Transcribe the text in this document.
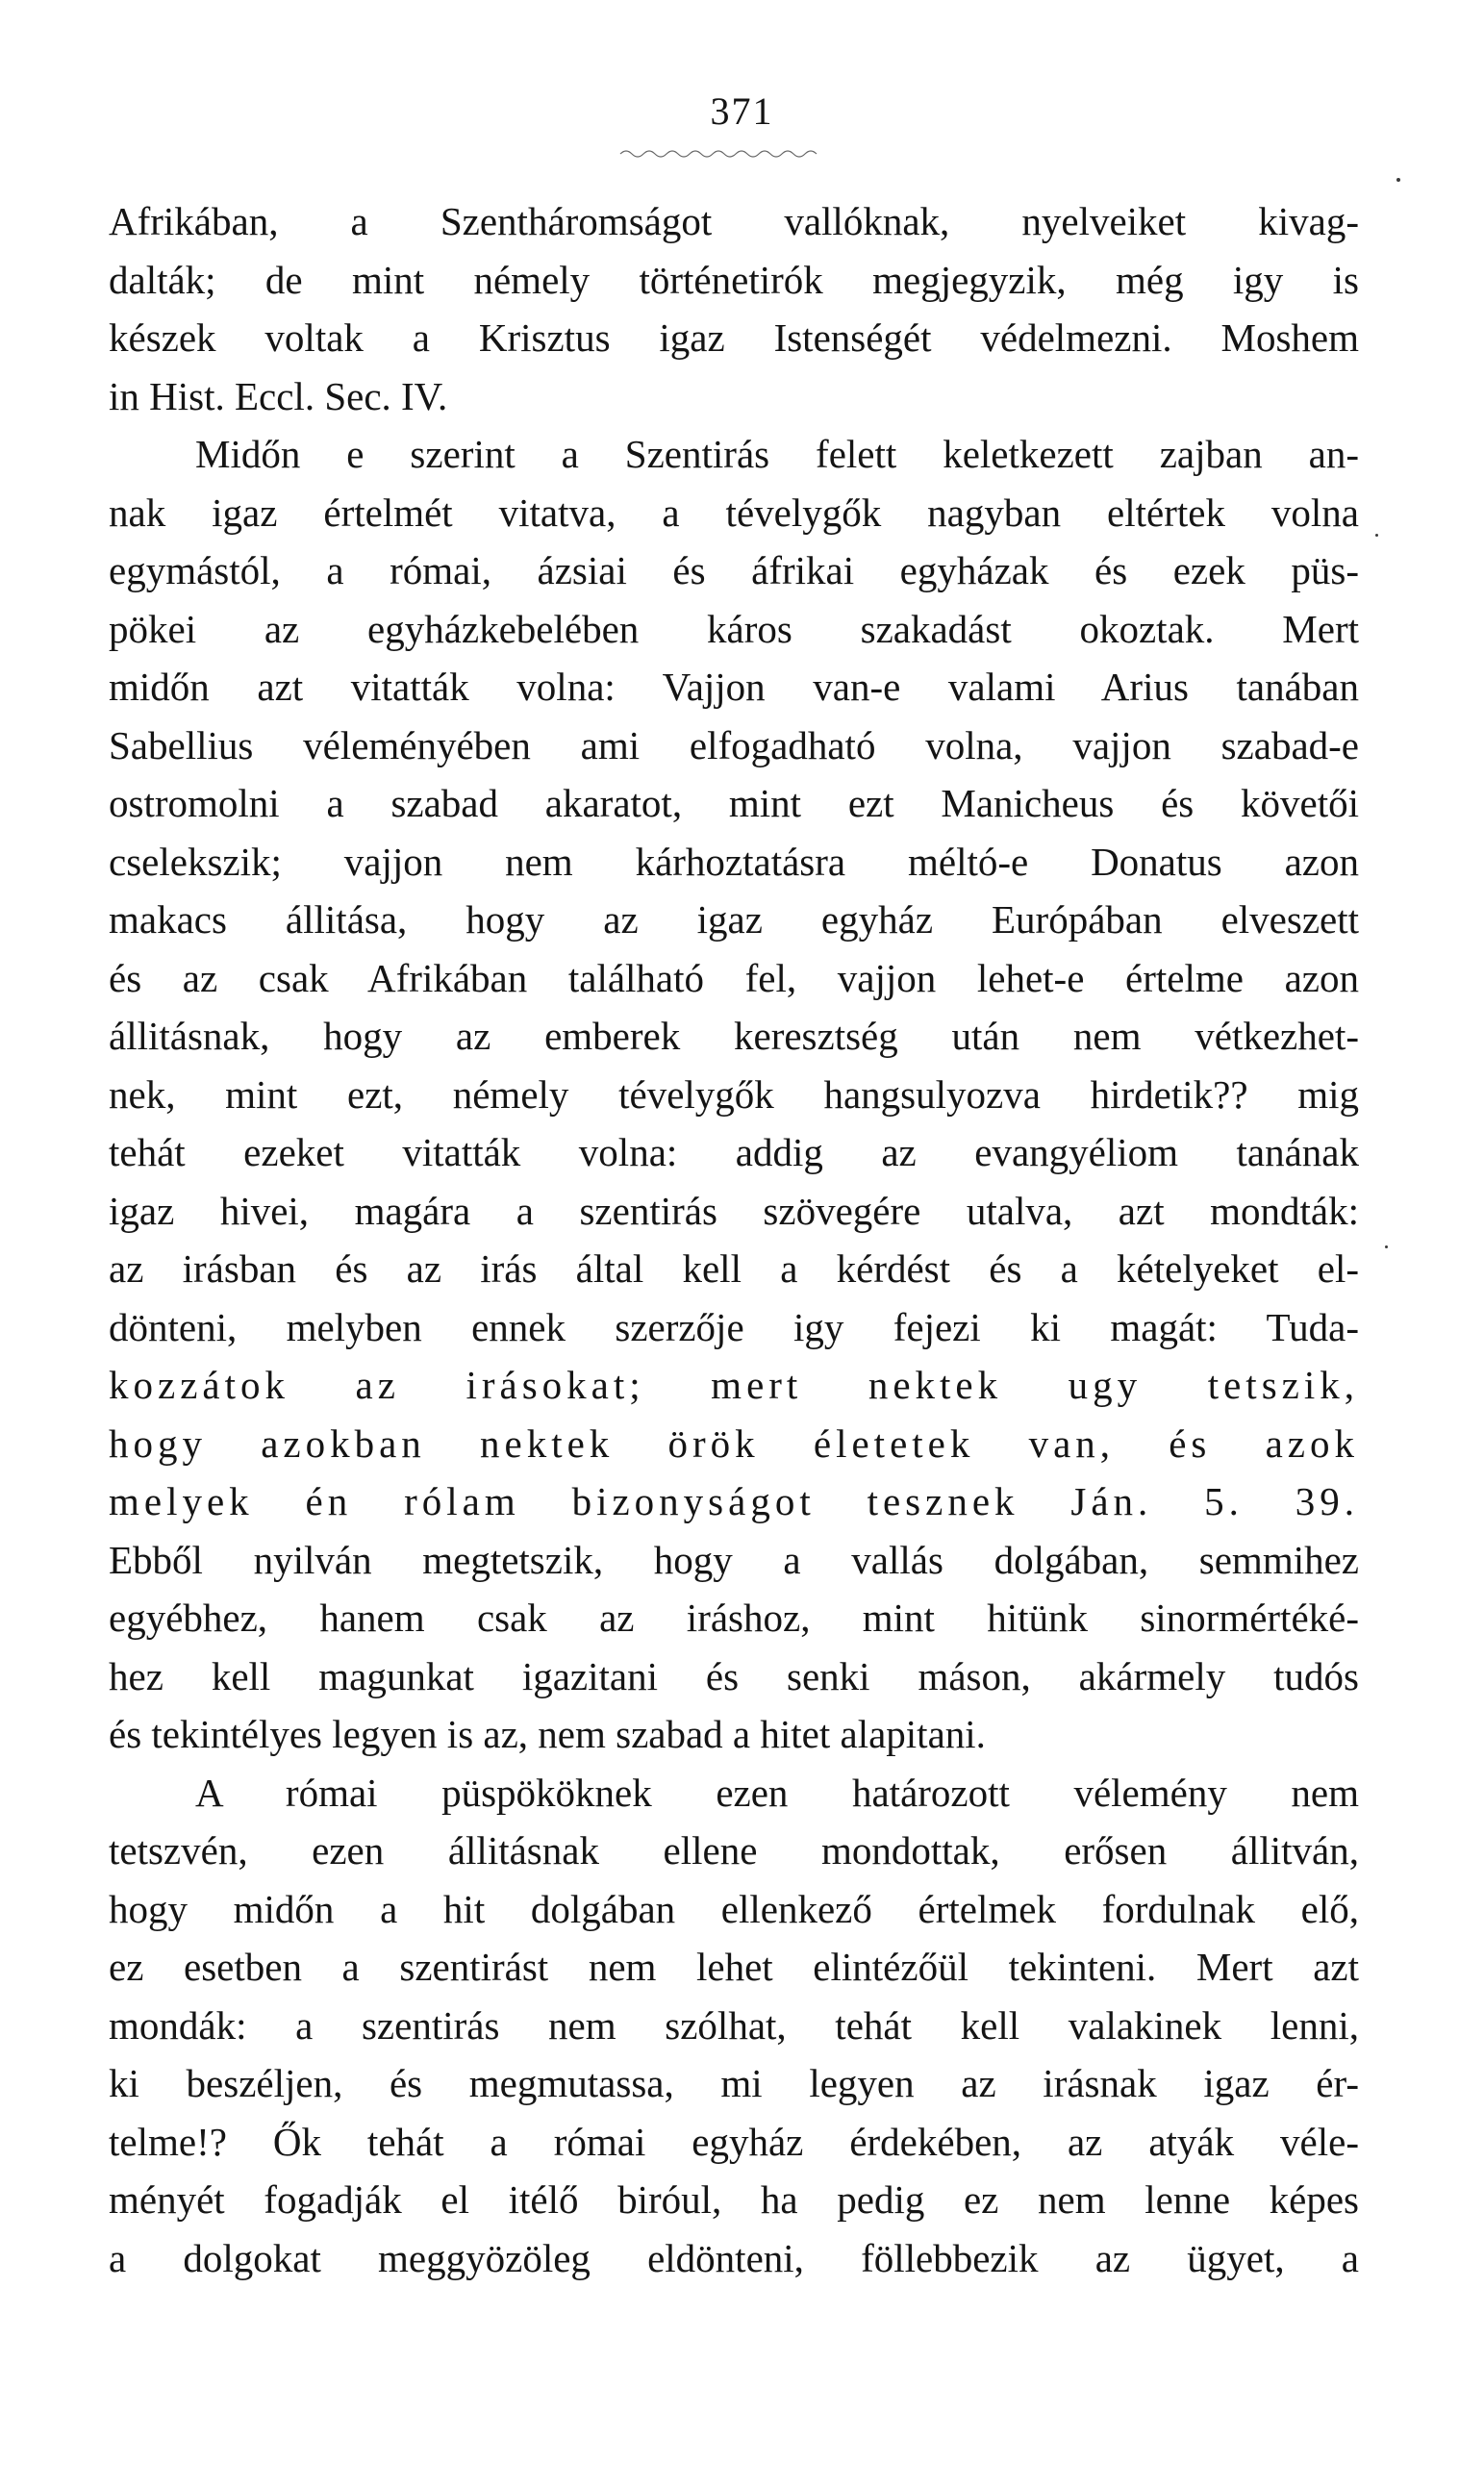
371
Afrikában, a Szentháromságot vallóknak, nyelveiket kivag-
dalták; de mint némely történetirók megjegyzik, még igy is
készek voltak a Krisztus igaz Istenségét védelmezni. Moshem
in Hist. Eccl. Sec. IV.
Midőn e szerint a Szentirás felett keletkezett zajban an-
nak igaz értelmét vitatva, a tévelygők nagyban eltértek volna
egymástól, a római, ázsiai és áfrikai egyházak és ezek püs-
pökei az egyházkebelében káros szakadást okoztak. Mert
midőn azt vitatták volna: Vajjon van-e valami Arius tanában
Sabellius véleményében ami elfogadható volna, vajjon szabad-e
ostromolni a szabad akaratot, mint ezt Manicheus és követői
cselekszik; vajjon nem kárhoztatásra méltó-e Donatus azon
makacs állitása, hogy az igaz egyház Európában elveszett
és az csak Afrikában található fel, vajjon lehet-e értelme azon
állitásnak, hogy az emberek keresztség után nem vétkezhet-
nek, mint ezt, némely tévelygők hangsulyozva hirdetik?? mig
tehát ezeket vitatták volna: addig az evangyéliom tanának
igaz hivei, magára a szentirás szövegére utalva, azt mondták:
az irásban és az irás által kell a kérdést és a kételyeket el-
dönteni, melyben ennek szerzője igy fejezi ki magát: Tuda-
kozzátok az irásokat; mert nektek ugy tetszik,
hogy azokban nektek örök életetek van, és azok
melyek én rólam bizonyságot tesznek Ján. 5. 39.
Ebből nyilván megtetszik, hogy a vallás dolgában, semmihez
egyébhez, hanem csak az iráshoz, mint hitünk sinormértéké-
hez kell magunkat igazitani és senki máson, akármely tudós
és tekintélyes legyen is az, nem szabad a hitet alapitani.
A római püspököknek ezen határozott vélemény nem
tetszvén, ezen állitásnak ellene mondottak, erősen állitván,
hogy midőn a hit dolgában ellenkező értelmek fordulnak elő,
ez esetben a szentirást nem lehet elintézőül tekinteni. Mert azt
mondák: a szentirás nem szólhat, tehát kell valakinek lenni,
ki beszéljen, és megmutassa, mi legyen az irásnak igaz ér-
telme!? Ők tehát a római egyház érdekében, az atyák véle-
ményét fogadják el itélő biróul, ha pedig ez nem lenne képes
a dolgokat meggyözöleg eldönteni, föllebbezik az ügyet, a
